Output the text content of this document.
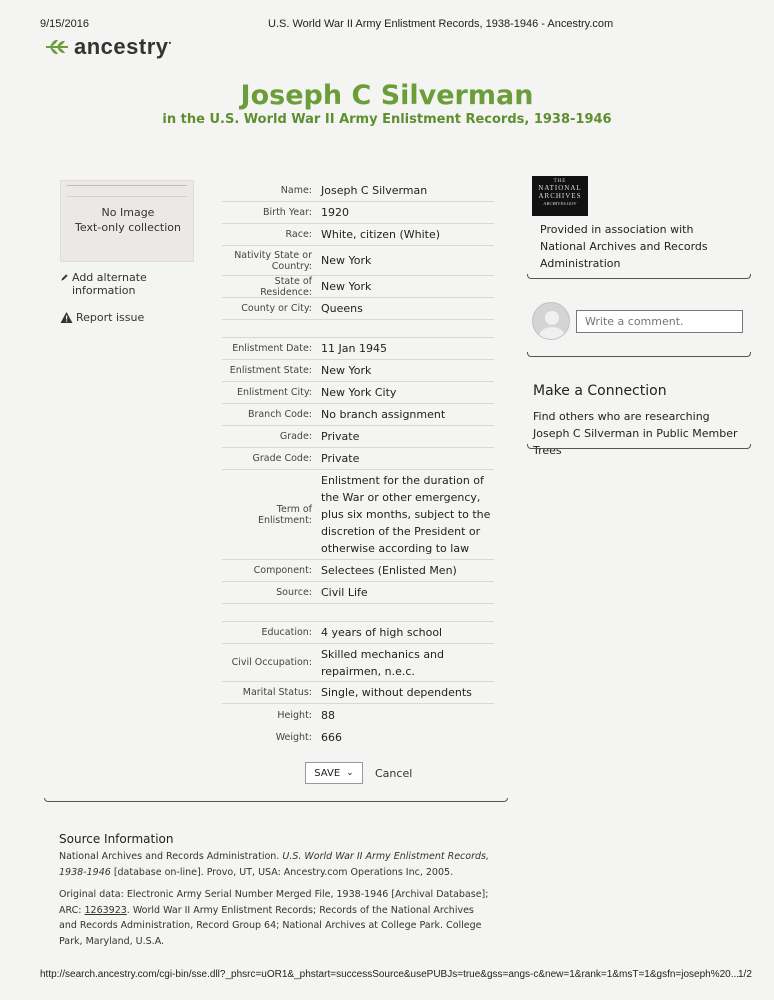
9/15/2016	U.S. World War II Army Enlistment Records, 1938-1946 - Ancestry.com
ancestry•
Joseph C Silverman
in the U.S. World War II Army Enlistment Records, 1938-1946
No Image
Text-only collection
Add alternate information
Report issue
Name: Joseph C Silverman
Birth Year: 1920
Race: White, citizen (White)
Nativity State or Country: New York
State of Residence: New York
County or City: Queens
Enlistment Date: 11 Jan 1945
Enlistment State: New York
Enlistment City: New York City
Branch Code: No branch assignment
Grade: Private
Grade Code: Private
Term of Enlistment:
Enlistment for the duration of the War or other emergency, plus six months, subject to the discretion of the President or otherwise according to law
Component: Selectees (Enlisted Men)
Source: Civil Life
Education: 4 years of high school
Civil Occupation:
Skilled mechanics and repairmen, n.e.c.
Marital Status: Single, without dependents
Height: 88
Weight: 666
SAVE ⌄ Cancel
THE
NATIONAL
ARCHIVES
ARCHIVES.GOV
Provided in association with National Archives and Records Administration
Write a comment.
Make a Connection
Find others who are researching Joseph C Silverman in Public Member Trees
Source Information

National Archives and Records Administration. U.S. World War II Army Enlistment Records, 1938-1946 [database on-line]. Provo, UT, USA: Ancestry.com Operations Inc, 2005.

Original data: Electronic Army Serial Number Merged File, 1938-1946 [Archival Database]; ARC: 1263923. World War II Army Enlistment Records; Records of the National Archives and Records Administration, Record Group 64; National Archives at College Park. College Park, Maryland, U.S.A.

http://search.ancestry.com/cgi-bin/sse.dll?_phsrc=uOR1&_phstart=successSource&usePUBJs=true&gss=angs-c&new=1&rank=1&msT=1&gsfn=joseph%20...
1/2
